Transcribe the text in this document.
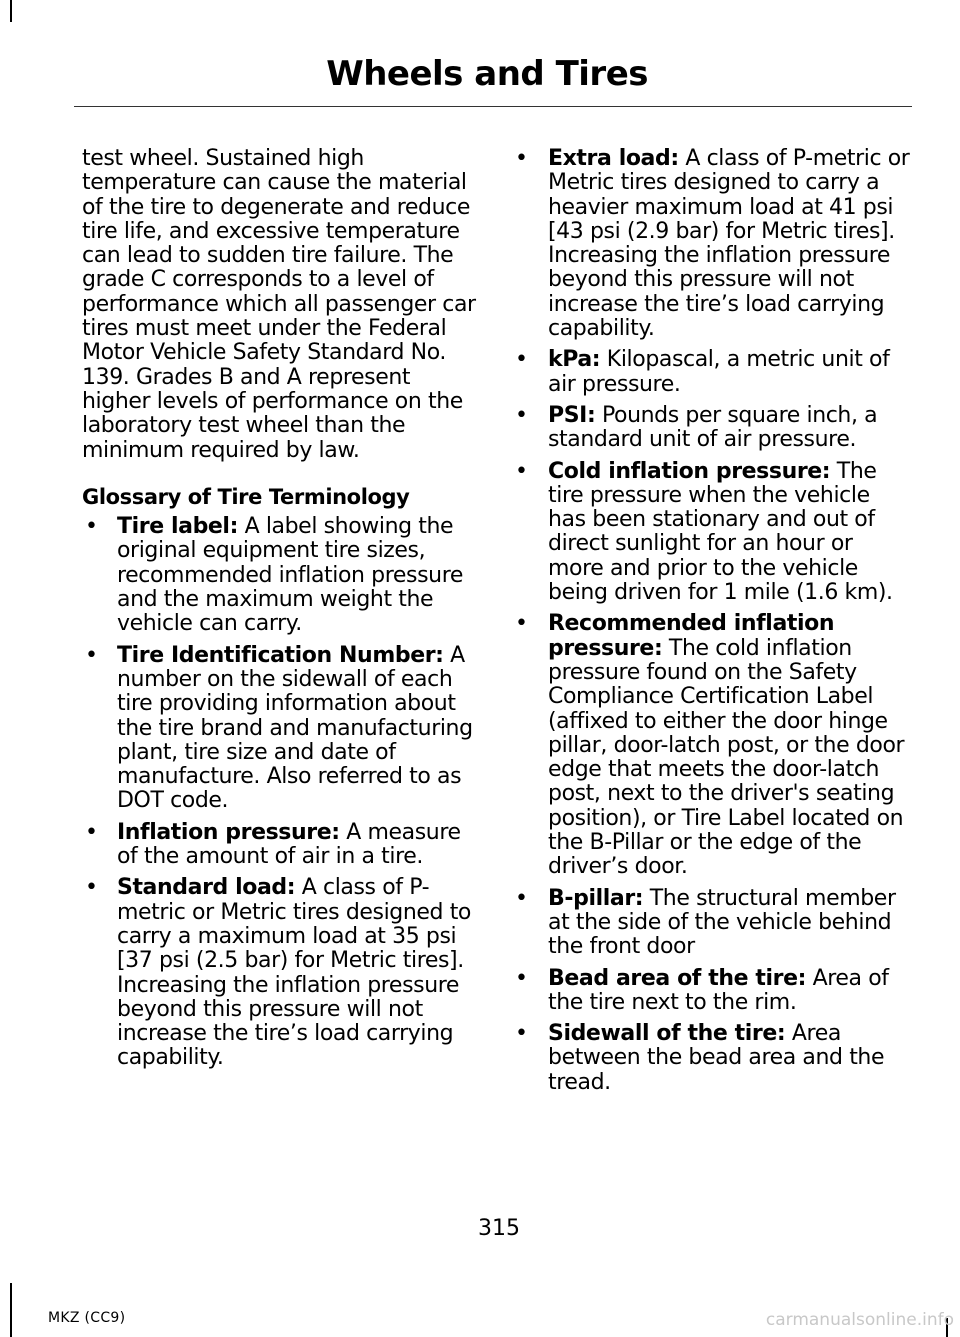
Wheels and Tires

test wheel. Sustained high temperature can cause the material of the tire to degenerate and reduce tire life, and excessive temperature can lead to sudden tire failure. The grade C corresponds to a level of performance which all passenger car tires must meet under the Federal Motor Vehicle Safety Standard No. 139. Grades B and A represent higher levels of performance on the laboratory test wheel than the minimum required by law.

Glossary of Tire Terminology

• Tire label: A label showing the original equipment tire sizes, recommended inflation pressure and the maximum weight the vehicle can carry.
• Tire Identification Number: A number on the sidewall of each tire providing information about the tire brand and manufacturing plant, tire size and date of manufacture. Also referred to as DOT code.
• Inflation pressure: A measure of the amount of air in a tire.
• Standard load: A class of P-metric or Metric tires designed to carry a maximum load at 35 psi [37 psi (2.5 bar) for Metric tires]. Increasing the inflation pressure beyond this pressure will not increase the tire’s load carrying capability.
• Extra load: A class of P-metric or Metric tires designed to carry a heavier maximum load at 41 psi [43 psi (2.9 bar) for Metric tires]. Increasing the inflation pressure beyond this pressure will not increase the tire’s load carrying capability.
• kPa: Kilopascal, a metric unit of air pressure.
• PSI: Pounds per square inch, a standard unit of air pressure.
• Cold inflation pressure: The tire pressure when the vehicle has been stationary and out of direct sunlight for an hour or more and prior to the vehicle being driven for 1 mile (1.6 km).
• Recommended inflation pressure: The cold inflation pressure found on the Safety Compliance Certification Label (affixed to either the door hinge pillar, door-latch post, or the door edge that meets the door-latch post, next to the driver's seating position), or Tire Label located on the B-Pillar or the edge of the driver’s door.
• B-pillar: The structural member at the side of the vehicle behind the front door
• Bead area of the tire: Area of the tire next to the rim.
• Sidewall of the tire: Area between the bead area and the tread.
315
MKZ (CC9)	carmanualsonline.info
